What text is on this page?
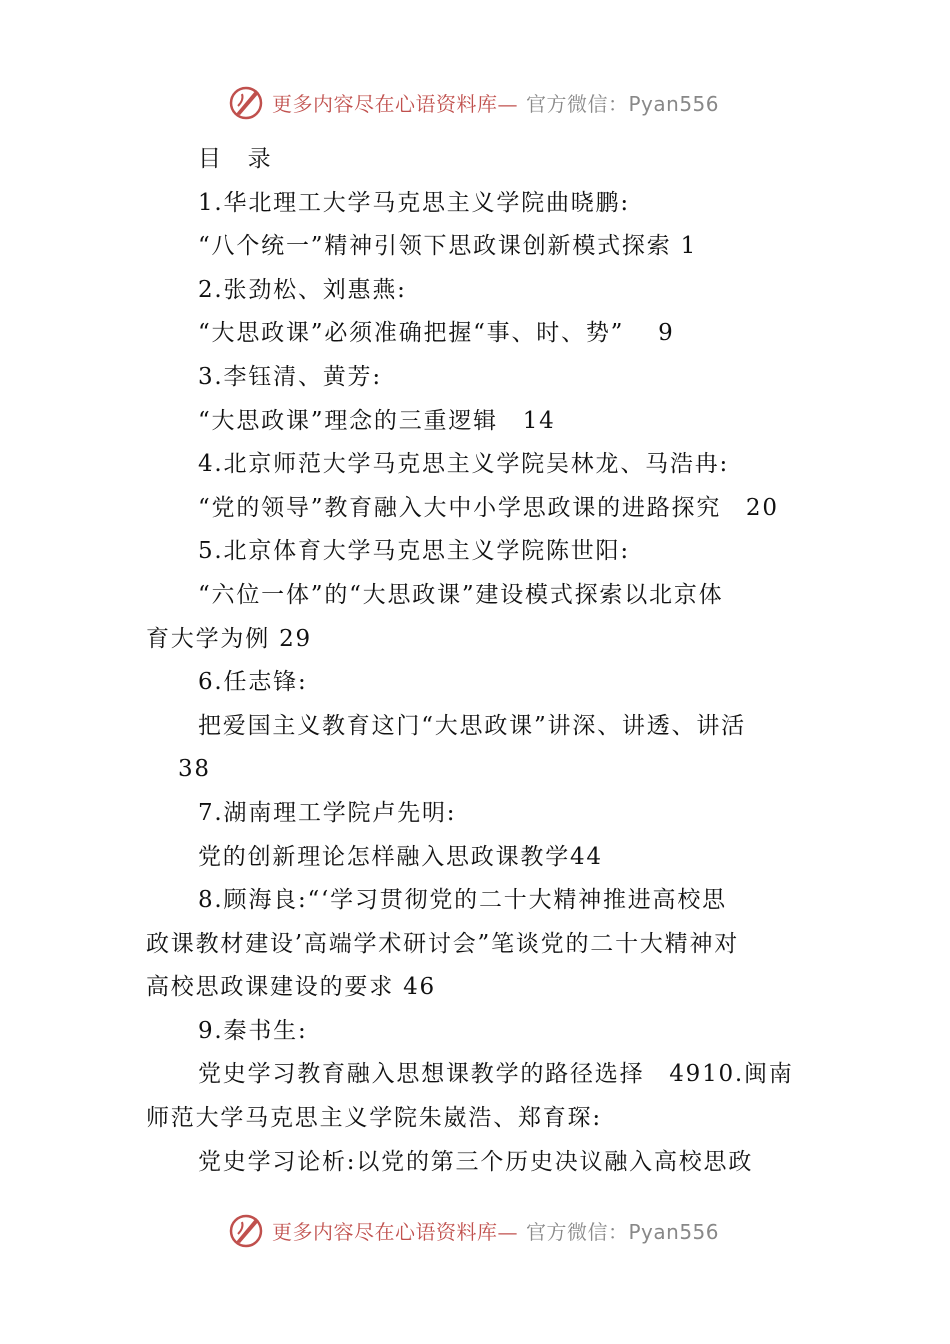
更多内容尽在心语资料库— 官方微信：Pyan556
目　录
1.华北理工大学马克思主义学院曲晓鹏:
“八个统一”精神引领下思政课创新模式探索 1
2.张劲松、刘惠燕:
“大思政课”必须准确把握“事、时、势”　 9
3.李钰清、黄芳:
“大思政课”理念的三重逻辑　14
4.北京师范大学马克思主义学院吴林龙、马浩冉:
“党的领导”教育融入大中小学思政课的进路探究　20
5.北京体育大学马克思主义学院陈世阳:
“六位一体”的“大思政课”建设模式探索以北京体
育大学为例 29
6.任志锋:
把爱国主义教育这门“大思政课”讲深、讲透、讲活
38
7.湖南理工学院卢先明:
党的创新理论怎样融入思政课教学44
8.顾海良:“‘学习贯彻党的二十大精神推进高校思
政课教材建设’高端学术研讨会”笔谈党的二十大精神对
高校思政课建设的要求 46
9.秦书生:
党史学习教育融入思想课教学的路径选择　4910.闽南
师范大学马克思主义学院朱崴浩、郑育琛:
党史学习论析:以党的第三个历史决议融入高校思政
更多内容尽在心语资料库— 官方微信：Pyan556
